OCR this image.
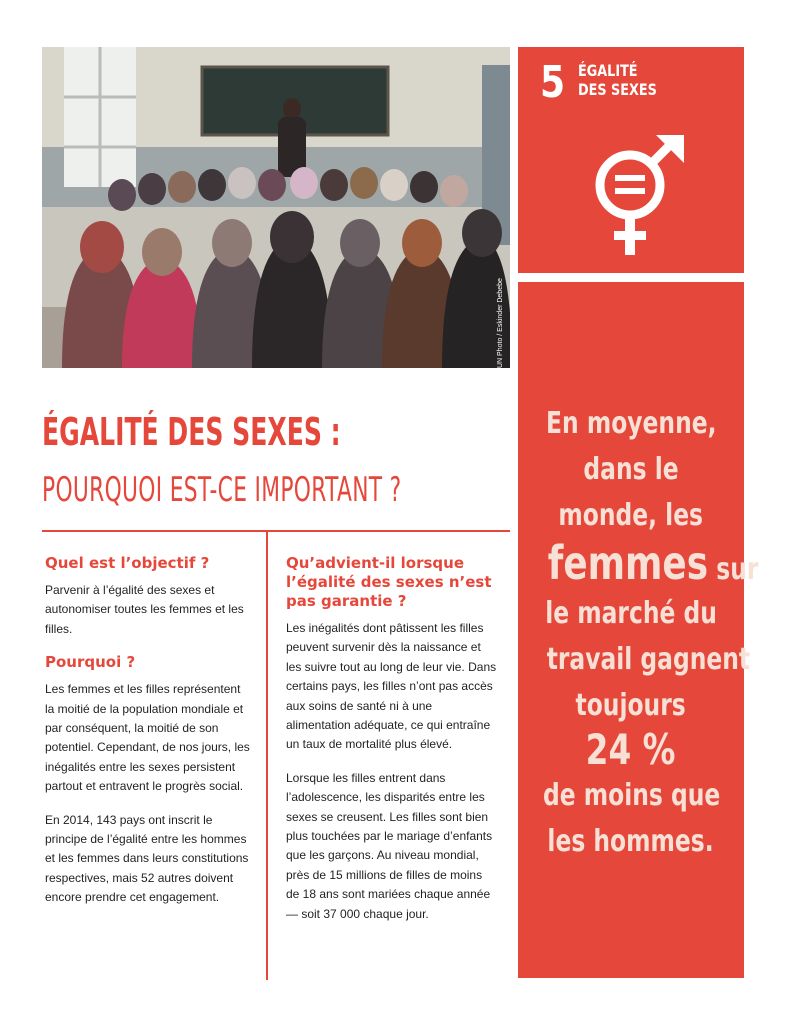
UN Photo / Eskinder Debebe
5 ÉGALITÉ
DES SEXES
En moyenne,
dans le
monde, les
femmes sur
le marché du
travail gagnent
toujours
24 %
de moins que
les hommes.
ÉGALITÉ DES SEXES :
POURQUOI EST-CE IMPORTANT ?
Quel est l’objectif ?

Parvenir à l’égalité des sexes et autonomiser toutes les femmes et les filles.

Pourquoi ?

Les femmes et les filles représentent la moitié de la population mondiale et par conséquent, la moitié de son potentiel. Cependant, de nos jours, les inégalités entre les sexes persistent partout et entravent le progrès social.

En 2014, 143 pays ont inscrit le principe de l’égalité entre les hommes et les femmes dans leurs constitutions respectives, mais 52 autres doivent encore prendre cet engagement.

Qu’advient-il lorsque l’égalité des sexes n’est pas garantie ?

Les inégalités dont pâtissent les filles peuvent survenir dès la naissance et les suivre tout au long de leur vie. Dans certains pays, les filles n’ont pas accès aux soins de santé ni à une alimentation adéquate, ce qui entraîne un taux de mortalité plus élevé.

Lorsque les filles entrent dans l’adolescence, les disparités entre les sexes se creusent. Les filles sont bien plus touchées par le mariage d’enfants que les garçons. Au niveau mondial, près de 15 millions de filles de moins de 18 ans sont mariées chaque année — soit 37 000 chaque jour.
